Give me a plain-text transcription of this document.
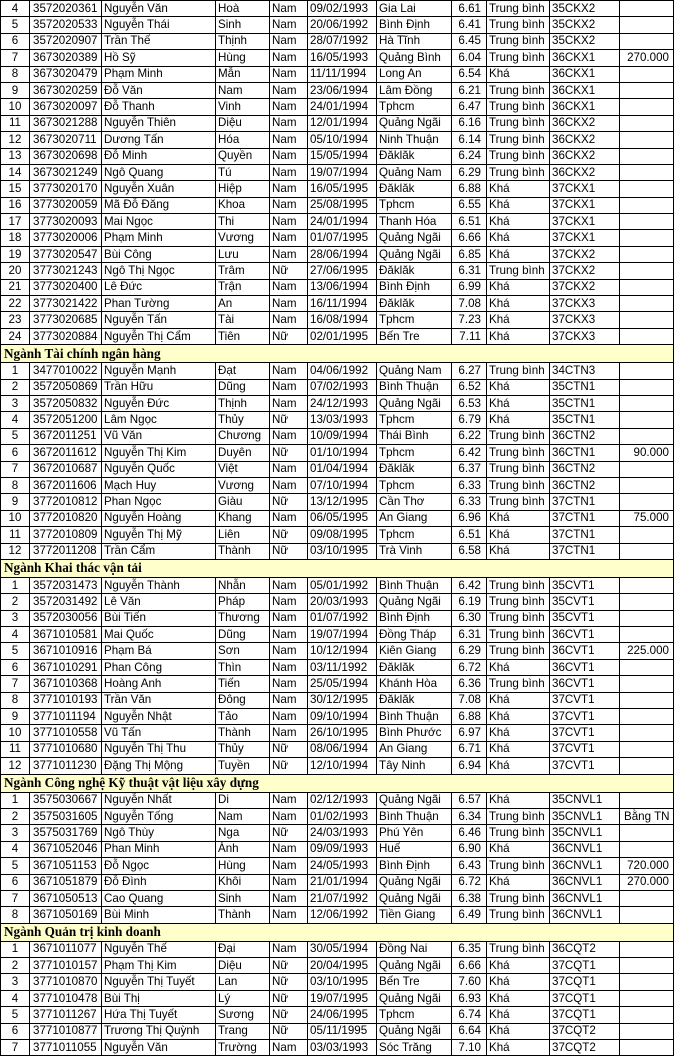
4	3572020361	Nguyễn Văn	Hoà	Nam	09/02/1993	Gia Lai	6.61	Trung bình	35CKX2	
5	3572020533	Nguyễn Thái	Sinh	Nam	20/06/1992	Bình Định	6.41	Trung bình	35CKX2	
6	3572020907	Trần Thế	Thịnh	Nam	28/07/1992	Hà Tĩnh	6.45	Trung bình	35CKX2	
7	3673020389	Hồ Sỹ	Hùng	Nam	16/05/1993	Quảng Bình	6.04	Trung bình	36CKX1	270.000
8	3673020479	Phạm Minh	Mẫn	Nam	11/11/1994	Long An	6.54	Khá	36CKX1	
9	3673020259	Đỗ Văn	Nam	Nam	23/06/1994	Lâm Đồng	6.21	Trung bình	36CKX1	
10	3673020097	Đỗ Thanh	Vinh	Nam	24/01/1994	Tphcm	6.47	Trung bình	36CKX1	
11	3673021288	Nguyễn Thiên	Diệu	Nam	12/01/1994	Quảng Ngãi	6.16	Trung bình	36CKX2	
12	3673020711	Dương Tấn	Hóa	Nam	05/10/1994	Ninh Thuận	6.14	Trung bình	36CKX2	
13	3673020698	Đỗ Minh	Quyền	Nam	15/05/1994	Đăklăk	6.24	Trung bình	36CKX2	
14	3673021249	Ngô Quang	Tú	Nam	19/07/1994	Quảng Nam	6.29	Trung bình	36CKX2	
15	3773020170	Nguyễn Xuân	Hiệp	Nam	16/05/1995	Đăklăk	6.88	Khá	37CKX1	
16	3773020059	Mã Đỗ Đăng	Khoa	Nam	25/08/1995	Tphcm	6.55	Khá	37CKX1	
17	3773020093	Mai Ngọc	Thi	Nam	24/01/1994	Thanh Hóa	6.51	Khá	37CKX1	
18	3773020006	Phạm Minh	Vương	Nam	01/07/1995	Quảng Ngãi	6.66	Khá	37CKX1	
19	3773020547	Bùi Công	Lưu	Nam	28/06/1994	Quảng Ngãi	6.85	Khá	37CKX2	
20	3773021243	Ngô Thị Ngọc	Trâm	Nữ	27/06/1995	Đăklăk	6.31	Trung bình	37CKX2	
21	3773020400	Lê Đức	Trận	Nam	13/06/1994	Bình Định	6.99	Khá	37CKX2	
22	3773021422	Phan Tường	An	Nam	16/11/1994	Đăklăk	7.08	Khá	37CKX3	
23	3773020685	Nguyễn Tấn	Tài	Nam	16/08/1994	Tphcm	7.23	Khá	37CKX3	
24	3773020884	Nguyễn Thị Cẩm	Tiên	Nữ	02/01/1995	Bến Tre	7.11	Khá	37CKX3	
Ngành Tài chính ngân hàng										
1	3477010022	Nguyễn Mạnh	Đạt	Nam	04/06/1992	Quảng Nam	6.27	Trung bình	34CTN3	
2	3572050869	Trần Hữu	Dũng	Nam	07/02/1993	Bình Thuận	6.52	Khá	35CTN1	
3	3572050832	Nguyễn Đức	Thịnh	Nam	24/12/1993	Quảng Ngãi	6.53	Khá	35CTN1	
4	3572051200	Lâm Ngọc	Thủy	Nữ	13/03/1993	Tphcm	6.79	Khá	35CTN1	
5	3672011251	Vũ Văn	Chương	Nam	10/09/1994	Thái Bình	6.22	Trung bình	36CTN2	
6	3672011612	Nguyễn Thị Kim	Duyên	Nữ	01/10/1994	Tphcm	6.42	Trung bình	36CTN1	90.000
7	3672010687	Nguyễn Quốc	Việt	Nam	01/04/1994	Đăklăk	6.37	Trung bình	36CTN2	
8	3672011606	Mạch Huy	Vương	Nam	07/10/1994	Tphcm	6.33	Trung bình	36CTN2	
9	3772010812	Phan Ngọc	Giàu	Nữ	13/12/1995	Cần Thơ	6.33	Trung bình	37CTN1	
10	3772010820	Nguyễn Hoàng	Khang	Nam	06/05/1995	An Giang	6.96	Khá	37CTN1	75.000
11	3772010809	Nguyễn Thị Mỹ	Liên	Nữ	09/08/1995	Tphcm	6.51	Khá	37CTN1	
12	3772011208	Trần Cẩm	Thành	Nữ	03/10/1995	Trà Vinh	6.58	Khá	37CTN1	
Ngành Khai thác vận tải										
1	3572031473	Nguyễn Thành	Nhẫn	Nam	05/01/1992	Bình Thuận	6.42	Trung bình	35CVT1	
2	3572031492	Lê Văn	Pháp	Nam	20/03/1993	Quảng Ngãi	6.19	Trung bình	35CVT1	
3	3572030056	Bùi Tiến	Thương	Nam	01/07/1992	Bình Định	6.30	Trung bình	35CVT1	
4	3671010581	Mai Quốc	Dũng	Nam	19/07/1994	Đồng Tháp	6.31	Trung bình	36CVT1	
5	3671010916	Phạm Bá	Sơn	Nam	10/12/1994	Kiên Giang	6.29	Trung bình	36CVT1	225.000
6	3671010291	Phan Công	Thìn	Nam	03/11/1992	Đăklăk	6.72	Khá	36CVT1	
7	3671010368	Hoàng Anh	Tiến	Nam	25/05/1994	Khánh Hòa	6.36	Trung bình	36CVT1	
8	3771010193	Trần Văn	Đông	Nam	30/12/1995	Đăklăk	7.08	Khá	37CVT1	
9	3771011194	Nguyễn Nhật	Tảo	Nam	09/10/1994	Bình Thuận	6.88	Khá	37CVT1	
10	3771010558	Vũ Tấn	Thành	Nam	26/10/1995	Bình Phước	6.97	Khá	37CVT1	
11	3771010680	Nguyễn Thị Thu	Thủy	Nữ	08/06/1994	An Giang	6.71	Khá	37CVT1	
12	3771011230	Đặng Thị Mộng	Tuyền	Nữ	12/10/1994	Tây Ninh	6.94	Khá	37CVT1	
Ngành Công nghệ Kỹ thuật vật liệu xây dựng										
1	3575030667	Nguyễn Nhất	Di	Nam	02/12/1993	Quảng Ngãi	6.57	Khá	35CNVL1	
2	3575031605	Nguyễn Tống	Nam	Nam	01/02/1993	Bình Thuận	6.34	Trung bình	35CNVL1	Bằng TN
3	3575031769	Ngô Thùy	Nga	Nữ	24/03/1993	Phú Yên	6.46	Trung bình	35CNVL1	
4	3671052046	Phan Minh	Ánh	Nam	09/09/1993	Huế	6.90	Khá	36CNVL1	
5	3671051153	Đỗ Ngọc	Hùng	Nam	24/05/1993	Bình Định	6.43	Trung bình	36CNVL1	720.000
6	3671051879	Đỗ Đình	Khôi	Nam	21/01/1994	Quảng Ngãi	6.72	Khá	36CNVL1	270.000
7	3671050513	Cao Quang	Sinh	Nam	21/07/1992	Quảng Ngãi	6.38	Trung bình	36CNVL1	
8	3671050169	Bùi Minh	Thành	Nam	12/06/1992	Tiền Giang	6.49	Trung bình	36CNVL1	
Ngành Quản trị kinh doanh										
1	3671011077	Nguyễn Thế	Đại	Nam	30/05/1994	Đồng Nai	6.35	Trung bình	36CQT2	
2	3771010157	Phạm Thị Kim	Diệu	Nữ	20/04/1995	Quảng Ngãi	6.66	Khá	37CQT1	
3	3771010870	Nguyễn Thị Tuyết	Lan	Nữ	03/10/1995	Bến Tre	7.60	Khá	37CQT1	
4	3771010478	Bùi Thị	Lý	Nữ	19/07/1995	Quảng Ngãi	6.93	Khá	37CQT1	
5	3771011267	Hứa Thị Tuyết	Sương	Nữ	24/06/1995	Tphcm	6.74	Khá	37CQT1	
6	3771010877	Trương Thị Quỳnh	Trang	Nữ	05/11/1995	Quảng Ngãi	6.64	Khá	37CQT2	
7	3771011055	Nguyễn Văn	Trường	Nam	03/03/1993	Sóc Trăng	7.10	Khá	37CQT2	
